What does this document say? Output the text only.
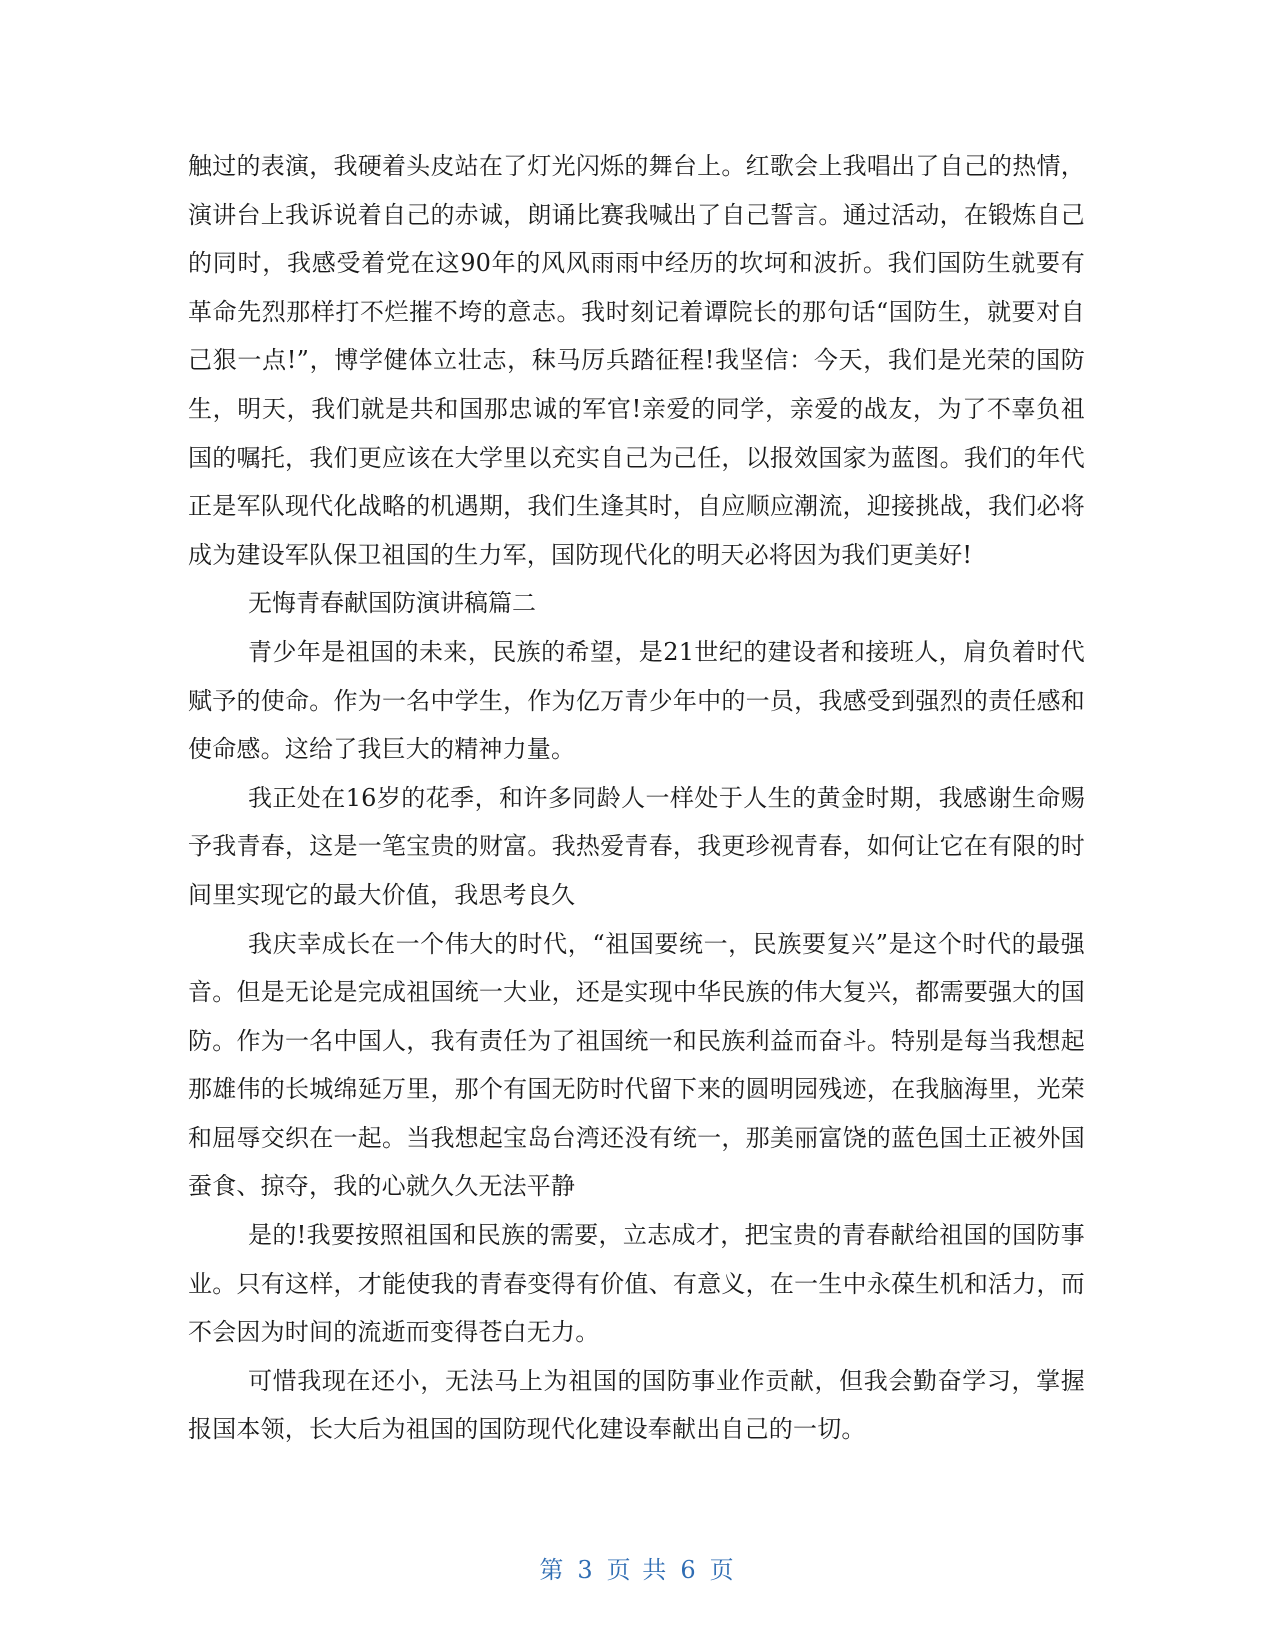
触过的表演，我硬着头皮站在了灯光闪烁的舞台上。红歌会上我唱出了自己的热情，演讲台上我诉说着自己的赤诚，朗诵比赛我喊出了自己誓言。通过活动，在锻炼自己的同时，我感受着党在这90年的风风雨雨中经历的坎坷和波折。我们国防生就要有革命先烈那样打不烂摧不垮的意志。我时刻记着谭院长的那句话“国防生，就要对自己狠一点!”，博学健体立壮志，秣马厉兵踏征程!我坚信：今天，我们是光荣的国防生，明天，我们就是共和国那忠诚的军官!亲爱的同学，亲爱的战友，为了不辜负祖国的嘱托，我们更应该在大学里以充实自己为己任，以报效国家为蓝图。我们的年代正是军队现代化战略的机遇期，我们生逢其时，自应顺应潮流，迎接挑战，我们必将成为建设军队保卫祖国的生力军，国防现代化的明天必将因为我们更美好!

无悔青春献国防演讲稿篇二

青少年是祖国的未来，民族的希望，是21世纪的建设者和接班人，肩负着时代赋予的使命。作为一名中学生，作为亿万青少年中的一员，我感受到强烈的责任感和使命感。这给了我巨大的精神力量。

我正处在16岁的花季，和许多同龄人一样处于人生的黄金时期，我感谢生命赐予我青春，这是一笔宝贵的财富。我热爱青春，我更珍视青春，如何让它在有限的时间里实现它的最大价值，我思考良久

我庆幸成长在一个伟大的时代，“祖国要统一，民族要复兴”是这个时代的最强音。但是无论是完成祖国统一大业，还是实现中华民族的伟大复兴，都需要强大的国防。作为一名中国人，我有责任为了祖国统一和民族利益而奋斗。特别是每当我想起那雄伟的长城绵延万里，那个有国无防时代留下来的圆明园残迹，在我脑海里，光荣和屈辱交织在一起。当我想起宝岛台湾还没有统一，那美丽富饶的蓝色国土正被外国蚕食、掠夺，我的心就久久无法平静

是的!我要按照祖国和民族的需要，立志成才，把宝贵的青春献给祖国的国防事业。只有这样，才能使我的青春变得有价值、有意义，在一生中永葆生机和活力，而不会因为时间的流逝而变得苍白无力。

可惜我现在还小，无法马上为祖国的国防事业作贡献，但我会勤奋学习，掌握报国本领，长大后为祖国的国防现代化建设奉献出自己的一切。

第 3 页 共 6 页
